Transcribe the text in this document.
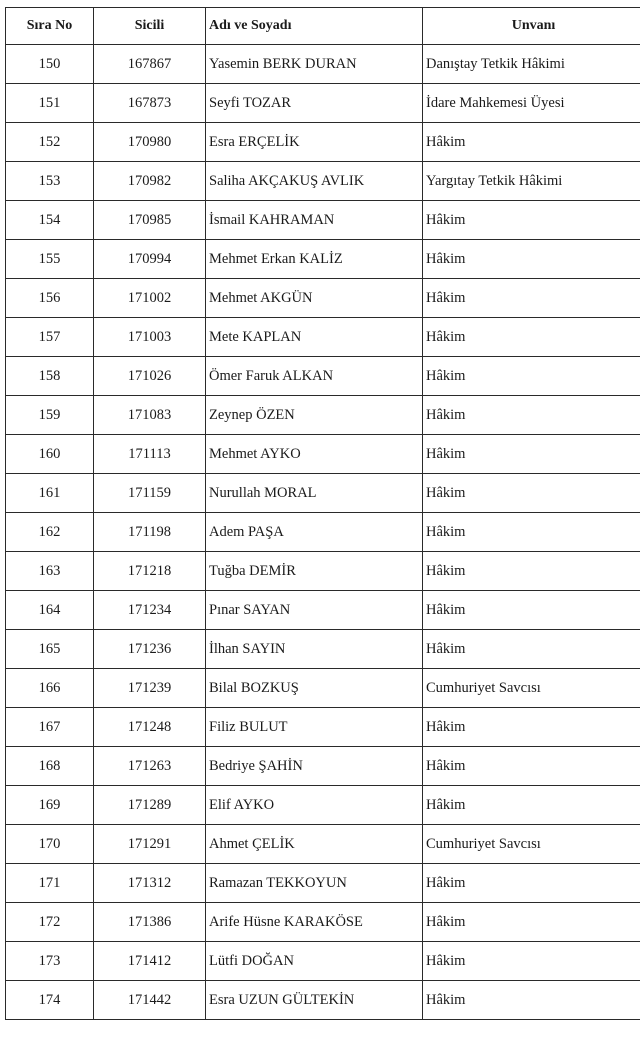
Sıra No	Sicili	Adı ve Soyadı	Unvanı
150	167867	Yasemin BERK DURAN	Danıştay Tetkik Hâkimi
151	167873	Seyfi TOZAR	İdare Mahkemesi Üyesi
152	170980	Esra ERÇELİK	Hâkim
153	170982	Saliha AKÇAKUŞ AVLIK	Yargıtay Tetkik Hâkimi
154	170985	İsmail KAHRAMAN	Hâkim
155	170994	Mehmet Erkan KALİZ	Hâkim
156	171002	Mehmet AKGÜN	Hâkim
157	171003	Mete KAPLAN	Hâkim
158	171026	Ömer Faruk ALKAN	Hâkim
159	171083	Zeynep ÖZEN	Hâkim
160	171113	Mehmet AYKO	Hâkim
161	171159	Nurullah MORAL	Hâkim
162	171198	Adem PAŞA	Hâkim
163	171218	Tuğba DEMİR	Hâkim
164	171234	Pınar SAYAN	Hâkim
165	171236	İlhan SAYIN	Hâkim
166	171239	Bilal BOZKUŞ	Cumhuriyet Savcısı
167	171248	Filiz BULUT	Hâkim
168	171263	Bedriye ŞAHİN	Hâkim
169	171289	Elif AYKO	Hâkim
170	171291	Ahmet ÇELİK	Cumhuriyet Savcısı
171	171312	Ramazan TEKKOYUN	Hâkim
172	171386	Arife Hüsne KARAKÖSE	Hâkim
173	171412	Lütfi DOĞAN	Hâkim
174	171442	Esra UZUN GÜLTEKİN	Hâkim
